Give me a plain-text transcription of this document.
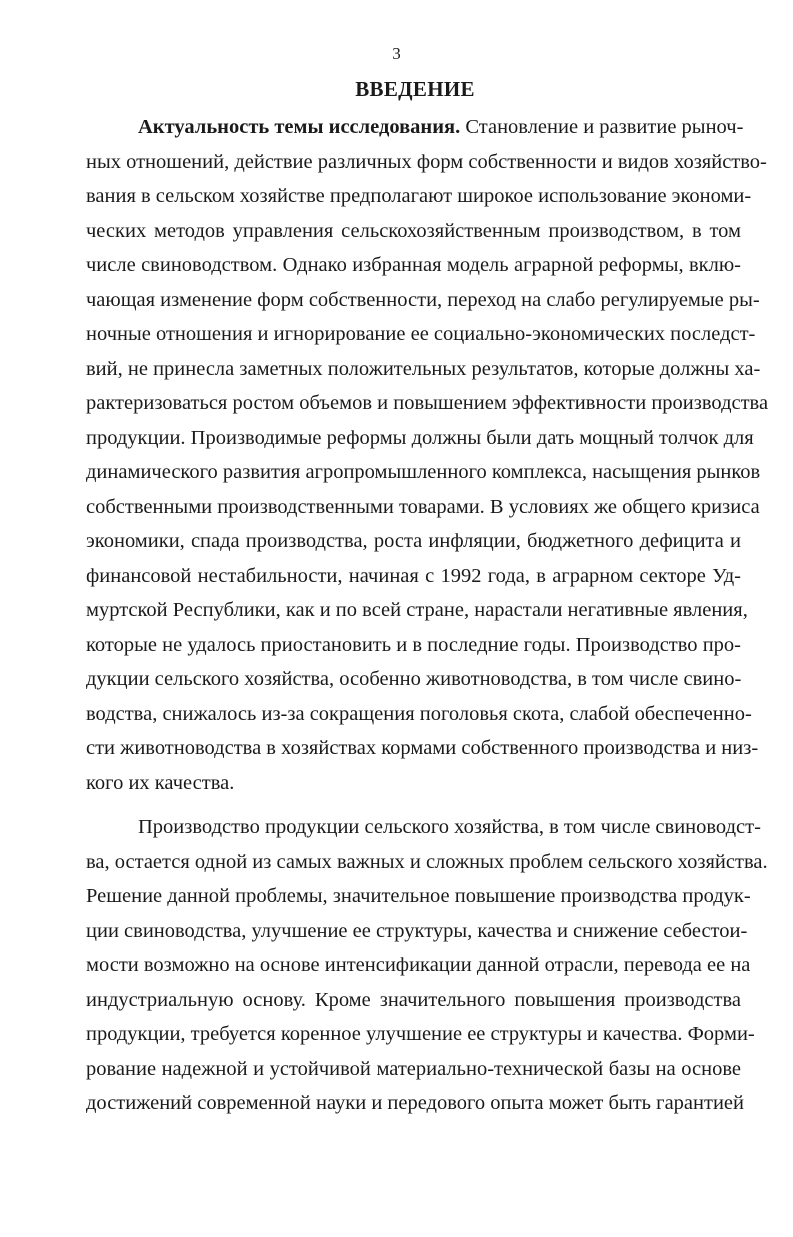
3
ВВЕДЕНИЕ
Актуальность темы исследования. Становление и развитие рыноч-
ных отношений, действие различных форм собственности и видов хозяйство-
вания в сельском хозяйстве предполагают широкое использование экономи-
ческих методов управления сельскохозяйственным производством, в том
числе свиноводством. Однако избранная модель аграрной реформы, вклю-
чающая изменение форм собственности, переход на слабо регулируемые ры-
ночные отношения и игнорирование ее социально-экономических последст-
вий, не принесла заметных положительных результатов, которые должны ха-
рактеризоваться ростом объемов и повышением эффективности производства
продукции. Производимые реформы должны были дать мощный толчок для
динамического развития агропромышленного комплекса, насыщения рынков
собственными производственными товарами. В условиях же общего кризиса
экономики, спада производства, роста инфляции, бюджетного дефицита и
финансовой нестабильности, начиная с 1992 года, в аграрном секторе Уд-
муртской Республики, как и по всей стране, нарастали негативные явления,
которые не удалось приостановить и в последние годы. Производство про-
дукции сельского хозяйства, особенно животноводства, в том числе свино-
водства, снижалось из-за сокращения поголовья скота, слабой обеспеченно-
сти животноводства в хозяйствах кормами собственного производства и низ-
кого их качества.
Производство продукции сельского хозяйства, в том числе свиноводст-
ва, остается одной из самых важных и сложных проблем сельского хозяйства.
Решение данной проблемы, значительное повышение производства продук-
ции свиноводства, улучшение ее структуры, качества и снижение себестои-
мости возможно на основе интенсификации данной отрасли, перевода ее на
индустриальную основу. Кроме значительного повышения производства
продукции, требуется коренное улучшение ее структуры и качества. Форми-
рование надежной и устойчивой материально-технической базы на основе
достижений современной науки и передового опыта может быть гарантией
